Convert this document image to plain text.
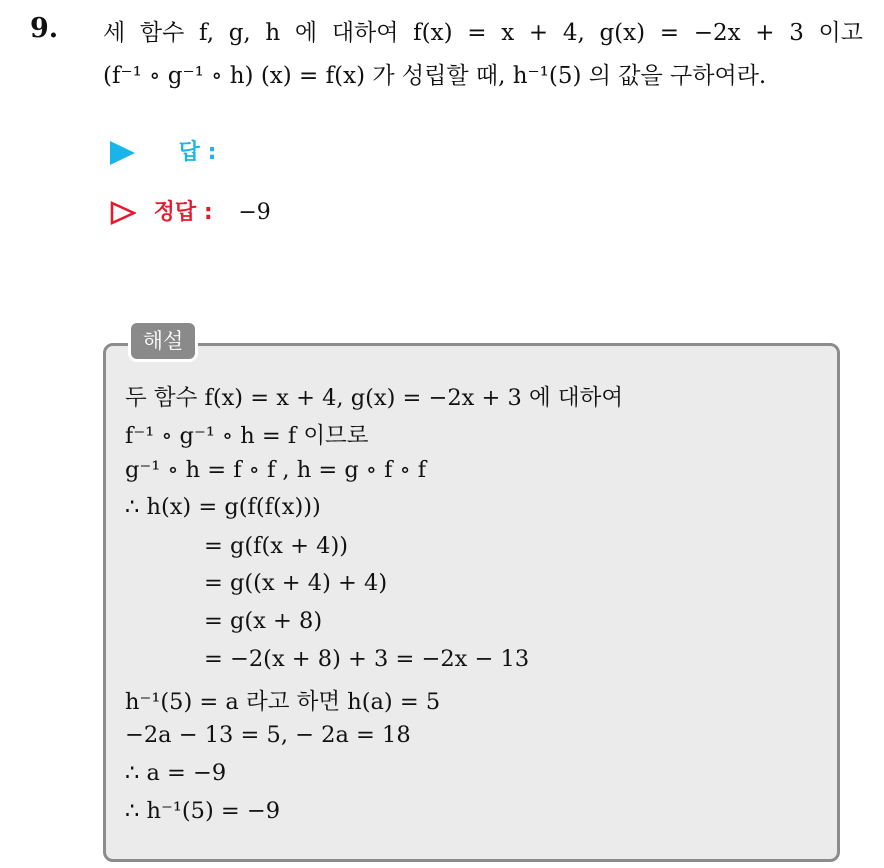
9. 세 함수 f, g, h 에 대하여 f(x) = x + 4, g(x) = −2x + 3 이고
(f⁻¹ ∘ g⁻¹ ∘ h) (x) = f(x) 가 성립할 때, h⁻¹(5) 의 값을 구하여라.
답 :
정답 : −9
해설
두 함수 f(x) = x + 4, g(x) = −2x + 3 에 대하여
f⁻¹ ∘ g⁻¹ ∘ h = f 이므로
g⁻¹ ∘ h = f ∘ f , h = g ∘ f ∘ f
∴ h(x) = g(f(f(x)))
= g(f(x + 4))
= g((x + 4) + 4)
= g(x + 8)
= −2(x + 8) + 3 = −2x − 13
h⁻¹(5) = a 라고 하면 h(a) = 5
−2a − 13 = 5, − 2a = 18
∴ a = −9
∴ h⁻¹(5) = −9
